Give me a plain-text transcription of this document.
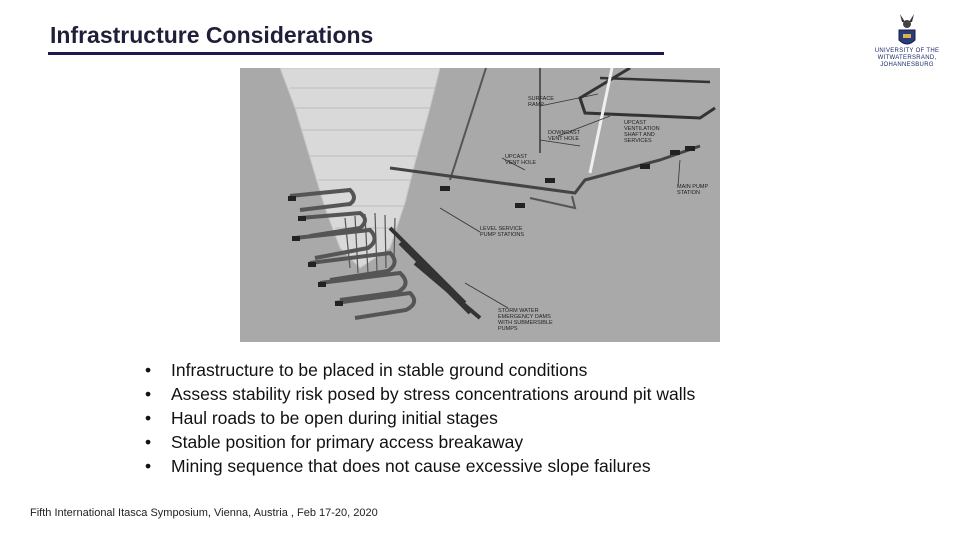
Infrastructure Considerations
UNIVERSITY OF THE
WITWATERSRAND,
JOHANNESBURG
SURFACE
RAMP
UPCAST
VENTILATION
SHAFT AND
SERVICES
DOWNCAST
VENT HOLE
UPCAST
VENT HOLE
MAIN PUMP
STATION
LEVEL SERVICE
PUMP STATIONS
STORM WATER
EMERGENCY DAMS
WITH SUBMERSIBLE
PUMPS
• Infrastructure to be placed in stable ground conditions
• Assess stability risk posed by stress concentrations around pit walls
• Haul roads to be open during initial stages
• Stable position for primary access breakaway
• Mining sequence that does not cause excessive slope failures
Fifth International Itasca Symposium, Vienna, Austria , Feb 17-20, 2020
